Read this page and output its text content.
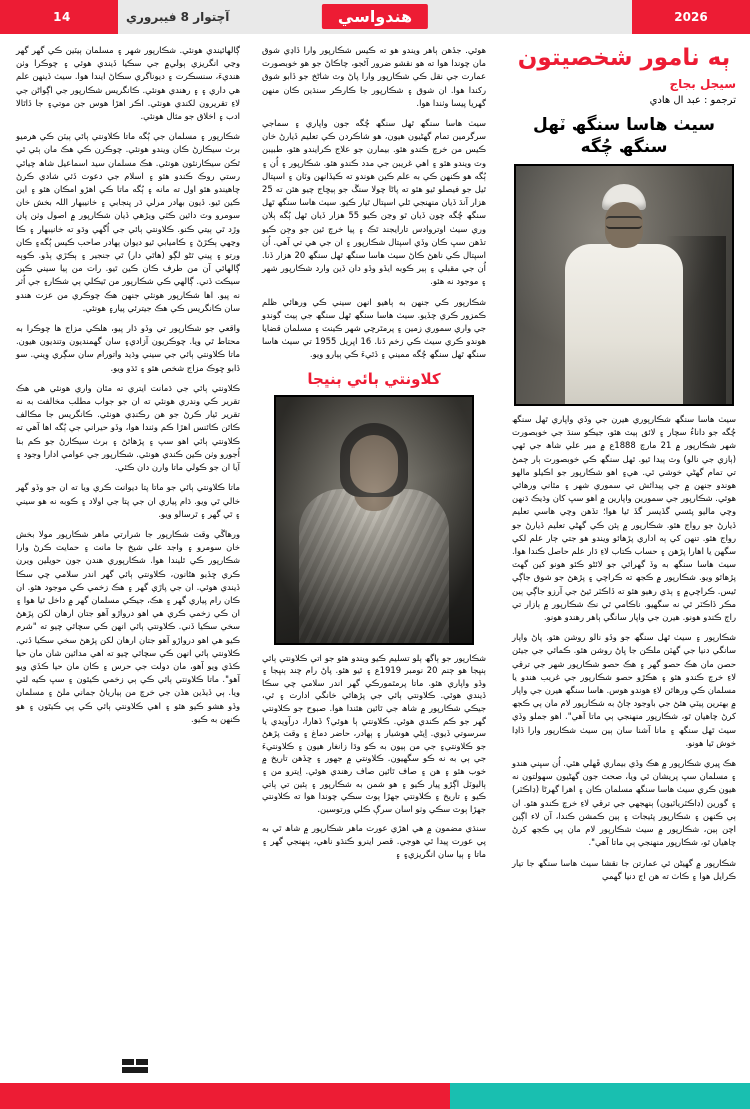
14	آچتوار 8 فيبروري	هندواسي	2026
ٻه نامور شخصيتون
سيجل بجاج
ترجمو : عبد ال هادي
سيٺ هاسا سنگھ ٽهل سنگھ چُگه

سيٺ هاسا سنگھ شڪارپوري هيرن جي وڏي واپاري ٿهل سنگھ چُگه جو داناءُ سچار ۽ لائق ٻيٽ هئو، جيڪو سنڌ جي خوبصورت شهر شڪارپور ۾ 21 مارچ 1888ع ۾ مير علي شاھ جي ٿهي (ٻازي جي نالو) وٽ پيدا ٿيو. ٿهل سنگھ ڪي خوبصورت ٻار ڄمڻ تي تمام گھڻي خوشي ٿي. هي۽ اهو شڪارپور جو اڪيلو مالهو هوندو جنهن ۾ جي پيدائش تي سموري شهر ۽ مٿاني ورهائي هوئي. شڪارپور جي سمورين واپارين ۾ اهو سڀ کان وڌيڪ ڌنهن وچي ماليو پئسي گڏيسر گڏ ٿيا هوا؛ تڏهن وچي هاسي تعليم ڏيارڻ جو رواج هئو. شڪارپور ۾ ٻئن ڪي گھڻي تعليم ڏيارڻ جو رواج هئو. تنهن کي ٻه اداري پڙهائو ويندو هو جتي ڄار علم لکي سگهن يا اهارا پڙهن ۽ حساب ڪتاب لاءِ ڌار علم حاصل ڪندا هوا. سيٺ هاسا سنگھ به وڏ گهرائي جو لائڻو ڪئو هونو کين گهٽ پڙهائو ويو. شڪارپور ۾ ڪجھ ته ڪراچي ۽ پڙهڻ جو شوق جاڳي ٿيس. ڪراچي۾ ۽ ٻڌي رهيو هئو ته ڏاڪٽر ٿيڻ جي آرزو جاڳي ٻين مڪر ڏاڪٽر ٿي نه سگهيو. ناڪامي ٿي نڪ شڪارپور ۾ ٻازار تي راڄ ڪندو هونو. هيرن جي واپار سانگي ٻاهر رهندو هونو.

شڪارپور ۽ سيٺ ٿهل سنگھ جو وڏو نالو روشن هئو. پاڻ واپار سانگي دنيا جي گهٽن ملڪن جا ڀاڻ روشن هئو. ڪمائي جي جيئن حصن مان هڪ حصو گهر ۽ هڪ حصو شڪارپور شهر جي ترقي لاءِ خرچ ڪندو هئو ۽ هڪڙو حصو شڪارپور جي غريب هندو يا مسلمان ڪي ورهائن لاءِ هوندو هوس. هاسا سنگھ هيرن جي واپار ۾ بهترين پيٽي هئڻ جي باوجود ڄاڻ به شڪارپور لام مان ٻي ڪجھ کرڻ چاهيان ٿو، شڪارپور منهنجي ٻي ماتا آهي". اهو جملو وڏي سيٺ ٿهل سنگھ ۽ مانا آشنا سان ٻين سيٺ شڪارپور وارا ڏاڍا خوش ٿيا هونو.

هڪ ڀيري شڪارپور ۾ هڪ وڏي بيماري ڦهلي هئي. اُن سڀني هندو ۽ مسلمان سڀ پريشان ٿي ويا، صحت جون گهڻيون سهولتون نه هيون ڪري سيٺ هاسا سنگھ مسلمان ڪان ۽ اهرا گهرڻا (ڊاڪٽر) ۽ گورين (ڊاڪٽرياٽيون) ٻنهجهي جي ترقي لاءِ خرچ ڪندو هئو. ان ٻي ڪنهن ۽ شڪارپور پئيجات ۽ ٻين ڪمشن ڪندا، آن لاء اڳين اچن ٻين، شڪارپور ۾ سيٺ شڪارپور لام مان ٻي ڪجھ کرڻ چاهيان ٿو، شڪارپور منهنجي ٻي ماتا آهي".

شڪارپور ۾ گهيڻن ئي عمارتن جا نقشا سيٺ هاسا سنگھ جا تيار ڪرايل هوا ۽ ڪاٺ ته هن اڄ دنيا گھمي

هوئي. جڏهن ٻاهر ويندو هو ته ڪيس شڪارپور وارا ڏاڍي شوق مان چوندا هوا ته هو نقشو ضرور آڻجو، چاڪاڻ جو هو خوبصورت عمارت جي نقل ڪي شڪارپور وارا پاڻ وٽ شاڻخ جو ڏابو شوق رکندا هوا. ان شوق ۽ شڪارپور جا ڪارڪر سنڌين ڪان منهن گهريا پيسا وٺندا هوا.

سيٺ هاسا سنگھ ٿهل سنگھ چُگه جون واپاري ۽ سماجي سرگرمين تمام گهڻيون هيون، هو شاڪردن ڪي تعليم ڏيارڻ خان ڪيس من خرچ ڪندو هئو. بيمارن جو علاج ڪرايندو هئو، طبيبن وٽ ويندو هئو ۽ اهي غريبن جي مدد ڪندو هئو. شڪارپور ۽ اُن ۽ ٻُگه هو ڪنهن ڪي به علم ڪين هوندو ته ڪيڏانهن وٽان ۽ اسپتال ٿيل جو فيصلو ٿيو هئو ته پاڻا چولا سنڱ جو ٻيڇاج چيو هئن ته 25 هزار آنڌ ڏيان منهنجي ٿلي اسپتال ٿيار ڪيو. سيٺ هاسا سنگھ ٿهل سنگھ چُگه چون ڏيان ٿو وڃن ڪيو 55 هزار ڏيان ٿهل ٻُگه ٻلان وري سيٺ اوتروادس تارايجند ٿڪ ۽ پيا خرچ ٿين جو وڄن ڪيو تڏهن سڀ ڪان وڏي اسپتال شڪارپور ۽ ان جي هي تي آهي. اُن اسپتال ڪي ناهڻ ڪاڻ سيٺ هاسا سنگھ ٿهل سنگھ 20 هزار ڏنا. اُن جي مقبلي ۽ ٻير ڪوبه ايڏو وڏو دان ڏين وارد شڪارپور شهر ۽ موجود نه هئو.

شڪارپور ڪي جنهن به ٻاهيو انهن سيني ڪي ورهائي ظلم ڪمزور ڪري چڏيو. سيٺ هاسا سنگھ ٿهل سنگھ جي ٻيٽ گوندو جي واري سموري زمين ۽ پرمٿرچي شهر ڪينٽ ۽ مسلمان قضايا هوندو ڪري سيٺ ڪي زخم ڏنا. 16 اپريل 1955 تي سيٺ هاسا سنگھ ٿهل سنگھ چُگه مميني ۽ ڏٿيءَ ڪي ٻيارو ويو.

كلاونتي ٻائي ٻنڀجا

شڪارپور جو ٻاگھ ٻلو تسليم ڪيو ويندو هئو جو اتي ڪلاونتي ٻائي ٻنڀجا هو ڄنم 20 نومبر 1919ع ۽ ٿيو هئو. پاڻ رام چند ٻنڀجا ۽ وڏو واپاري هئو. ماتا پرمٿمورڪي گھر اندر سلامي چي سڪا ڏيندي هوئي. ڪلاونتي ٻائي جي پڙهائي خانگي ادارت ۽ ٿي، جيڪي شڪارپور ۾ شاھ جي ٿائين هئندا هوا. صبوح جو ڪلاونتي گھر جو ڪم ڪندي هوئي. ڪلاونتي ٻا هوئي؟ ڏهارا، درآويدي يا سرسوتي ڏيوي. اِيڻي هوشيار ۽ ٻهادر، حاضر دماغ ۽ وقت پڙهڻ جو ڪلاونتي۽ جي من ٻيون به ڪو وڌا زانغار هيون ۽ ڪلاونتيءَ جي ٻي به نه ڪو سگهيون. ڪلاونتي ۾ جهور ۽ ڇڏهن تاريخ ۾ خوب هئو ۽ هن ۽ صاف ٿائين صاف رهندي هوئي. اِيترو من ۽ ٻاليوٽل اڳڙو پيار ڪيو ۽ هو شمن به شڪارپور ۽ ٻئين تي ٻاتي ڪيو ۽ تاريخ ۽ ڪلاونتي جهڙا ٻوٽ سڪي چوندا هوا ته ڪلاونتي جهڙا ٻوٽ سڪي وٺو اسان سرڳ ڪلي ورتوسين.

سنڌي مضمون ۾ هي اهڙي عورت ماهر شڪارپور ۾ شاھ ٿي به پي عورت پيدا ٿي هوجي. قصر اينرو ڪنڌو ناهي، ٻنهنجي گھر ۽ ماتا ۽ ٻيا سان انگريزي۽ ۽

ڳالهائيندي هونئي. شڪارپور شهر ۽ مسلمان ٻيٽين ڪي گهر گهر وڃي انگريزي ٻولي۾ جي سڪيا ڏيندي هوئي ۽ چوڪرا وٺن هنديءَ، سنسڪرت ۽ ديوناگري سڪاڻ ايندا هوا. سيٺ ڏينهن علم هي داري ۽ ۽ رهندي هونئي. ڪانگريس شڪارپور جي اڳواڻن جي لاءِ تقريرون لکندي هونئي. اڪر اهڙا هوس جن موتي۽ جا ڏاٿالا ادب ۽ اخلاق جو مثال هونئي.

شڪارپور ۽ مسلمان جي ٻُگه ماتا ڪلاونتي ٻائي ٻيٽن ڪي هرميو برٺ سيڪارڻ ڪان ويندو هونئي. چوڪرن ڪي هڪ مان ٻئي ٿي ٿڪن سيڪارنئون هونئي. هڪ مسلمان سيد اسماعيل شاھ چياٿي رستي روڪ ڪندو هئو ۽ اسلام جي دعوت ڏئي شادي ڪرڻ چاهيندو هئو اول ته مانه ۽ ٻُگه ماتا ڪي اهڙو امڪان هئو ۽ اين ڪين ٿيو. ڏيون بهادر مرلي ڌر ڀنجابي ۽ خانيبهار اللہ بخش خان سومرو وٽ دائين ڪٽي ويڙهي ڏيان شڪارپور ۾ اصول وٺن پان وڙد ٿي ٻيتي ڪنو. ڪلاونتي ٻائي جي اُگهي وڌو ته خانيبهار ۽ ڪا وڃهي ٻڪڙڻ ۽ ڪاميابي ٿيو ديوان ٻهادر صاحب ڪيس ٻُگه۽ ڪان ورتو ۽ پيني ٿڻو لڳو (هاٿي دار) ٿي جنجير ۽ ٻڪڙي ٻڏو. ڪوٻه ڳالهائي آن من طرف ڪان ڪين ٿيو. رات من ٻيا سيني ڪين سيڪت ڏني. ڳالهي ڪي شڪارپور من ٿيڪلي ٻي شڪار۽ جي اُثر نه پيو. اها شڪارپور هونئي جنهن هڪ چوڪري من عزت هندو سان ڪانگريس ڪي هڪ جيترئي پيار۽ هونئي.

واقعي جو شڪارپور تي وڏو ڌار پيو، هلڪي مزاج ها چوڪرا به محتاط ٿي ويا. چوڪريون آزادي۽ سان گهمنديون وتنديون هيون. ماتا ڪلاونتي ٻائي جي سيني وڌيد واتورام سان سڳري وِيني. سو ڏابو ڇوڪ مزاج شخص هئو ۽ ٿڌو ويو.

ڪلاونتي ٻائي جي ڌمانت ايتري ته مٿان واري هونئي هي هڪ تقرير ڪي وندري هونئي ته ان جو جواب مطلب مخالفت به نه تقرير ٿيار ڪرڻ جو هن رڪنڊي هونئي. ڪانگريس جا مڪالف ڪاٿن ڪائنس اهڙا ڪم وٺندا هوا، وڏو حيراني جي ٻُگه اها آهي ته ڪلاونتي ٻائي اهو سپ ۽ پڙهائڻ ۽ برٺ سيڪارڻ جو ڪم بنا اُجورو وٺن ڪين ڪندي هونئي. شڪارپور جي عوامي ادارا وجود ۽ آيا ان جو ڪولي ماتا وارن دان ڪئي.

ماتا ڪلاونتي ٻائي جو ماتا پتا ديوانت ڪري ويا ته ان جو وڏو گهر خالي ٿي ويو. ڌام پياري ان جي پتا جي اولاد ۽ ڪوبه نه هو سيني ۽ ٿي گهر ۽ ٿرسالو ويو.

ورهاڱي وقت شڪارپور جا شرارتي ماهر شڪارپور مولا بخش خان سومرو ۽ واجد علي شيخ جا مانت ۽ حمايت ڪرڻ وارا شڪارپور ڪي ٿليندا هوا. شڪارپوري هندن جون حويلين ويرن ڪري ڇڏيو هڻانون، ڪلاونتي ٻائي گھر اندر سلامي چي سڪا ڏيندي هوئي. ان جي پاڙي گھر ۽ هڪ زخمي ڪي موجود هئو. ان ڪان رام پياري گھر ۽ هڪ، جيڪي مسلمان گھر ۾ داخل ٿيا هوا ۽ ان ڪي زخمي ڪري هي اهو درواڙو آهو جتان ارهان لکن پڙهڻ سخي سڪيا ڏني. ڪلاونتي ٻائي انهن ڪي سچائي چيو ته "شرم ڪيو هي اهو درواڙو آهو جتان ارهان لکن پڙهڻ سخي سڪيا ڏني. ڪلاونتي ٻائي انهن ڪي سچائي چيو ته اهي مدائين شان مان حيا ڪڏي ويو آهو، مان دولت جي حرس ۽ ڪان مان حيا ڪڏي ويو آهو". ماتا ڪلاونتي ٻائي ڪي ٻي زخمي ڪيٿون ۽ سڀ ڪيه لئي ويا. ٻي ڏيڏين هڏن جي خرچ من ٻيارياڻ جماني ملڻ ۽ مسلمان وڏو هشو ڪيو هئو ۽ اهي ڪلاونتي ٻائي ڪي ٻي ڪيٿون ۽ هو ڪنهن به ڪيو.
